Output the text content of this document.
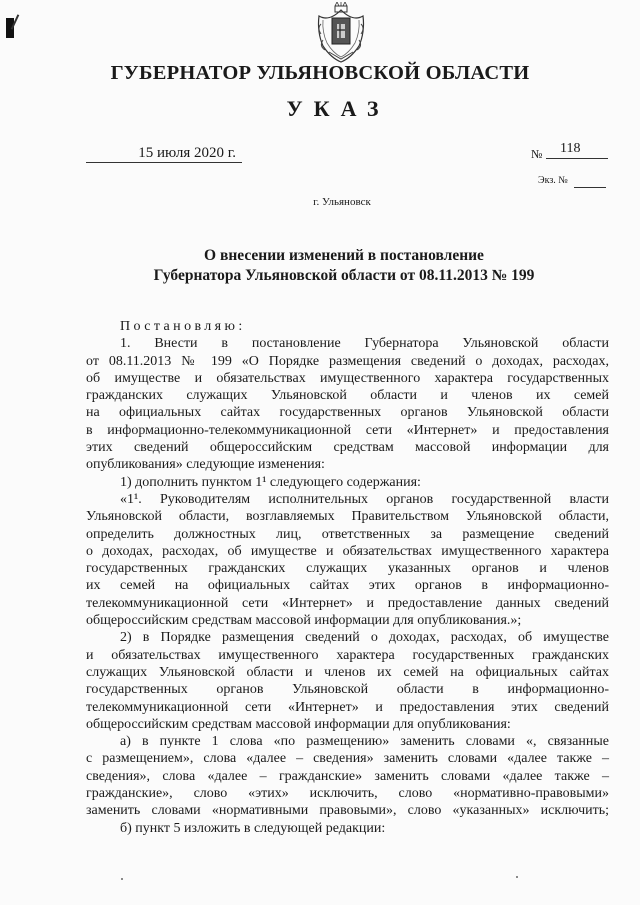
ГУБЕРНАТОР УЛЬЯНОВСКОЙ ОБЛАСТИ
УКАЗ
15 июля 2020 г.	№	118
Экз. №
г. Ульяновск
О внесении изменений в постановление
Губернатора Ульяновской области от 08.11.2013 № 199

Постановляю:

1. Внести в постановление Губернатора Ульяновской области

от 08.11.2013 № 199 «О Порядке размещения сведений о доходах, расходах,

об имуществе и обязательствах имущественного характера государственных

гражданских служащих Ульяновской области и членов их семей

на официальных сайтах государственных органов Ульяновской области

в информационно-телекоммуникационной сети «Интернет» и предоставления

этих сведений общероссийским средствам массовой информации для

опубликования» следующие изменения:

1) дополнить пунктом 1¹ следующего содержания:

«1¹. Руководителям исполнительных органов государственной власти

Ульяновской области, возглавляемых Правительством Ульяновской области,

определить должностных лиц, ответственных за размещение сведений

о доходах, расходах, об имуществе и обязательствах имущественного характера

государственных гражданских служащих указанных органов и членов

их семей на официальных сайтах этих органов в информационно-

телекоммуникационной сети «Интернет» и предоставление данных сведений

общероссийским средствам массовой информации для опубликования.»;

2) в Порядке размещения сведений о доходах, расходах, об имуществе

и обязательствах имущественного характера государственных гражданских

служащих Ульяновской области и членов их семей на официальных сайтах

государственных органов Ульяновской области в информационно-

телекоммуникационной сети «Интернет» и предоставления этих сведений

общероссийским средствам массовой информации для опубликования:

а) в пункте 1 слова «по размещению» заменить словами «, связанные

с размещением», слова «далее – сведения» заменить словами «далее также –

сведения», слова «далее – гражданские» заменить словами «далее также –

гражданские», слово «этих» исключить, слово «нормативно-правовыми»

заменить словами «нормативными правовыми», слово «указанных» исключить;

б) пункт 5 изложить в следующей редакции:
